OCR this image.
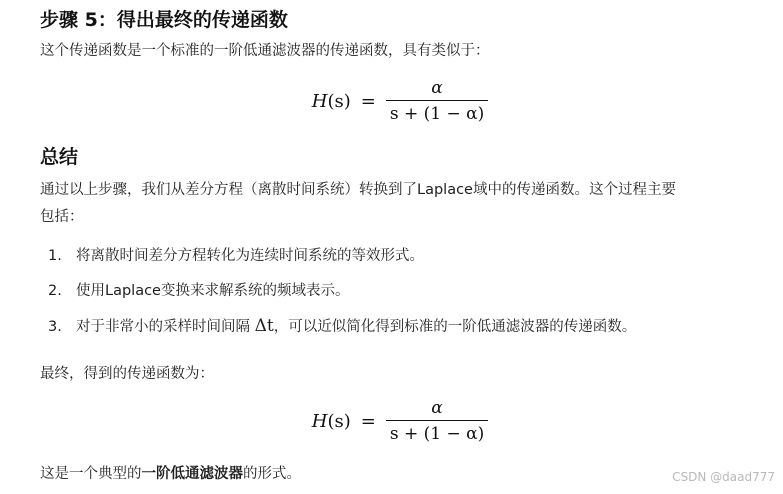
步骤 5：得出最终的传递函数

这个传递函数是一个标准的一阶低通滤波器的传递函数，具有类似于：

$H(s) = \frac{\alpha}{s + (1 - \alpha)}$
总结

通过以上步骤，我们从差分方程（离散时间系统）转换到了Laplace域中的传递函数。这个过程主要

包括：

1. 将离散时间差分方程转化为连续时间系统的等效形式。
2. 使用Laplace变换来求解系统的频域表示。
3. 对于非常小的采样时间间隔 Δt，可以近似简化得到标准的一阶低通滤波器的传递函数。

最终，得到的传递函数为：

$H(s) = \frac{\alpha}{s + (1 - \alpha)}$

这是一个典型的一阶低通滤波器的形式。	CSDN @daad777
